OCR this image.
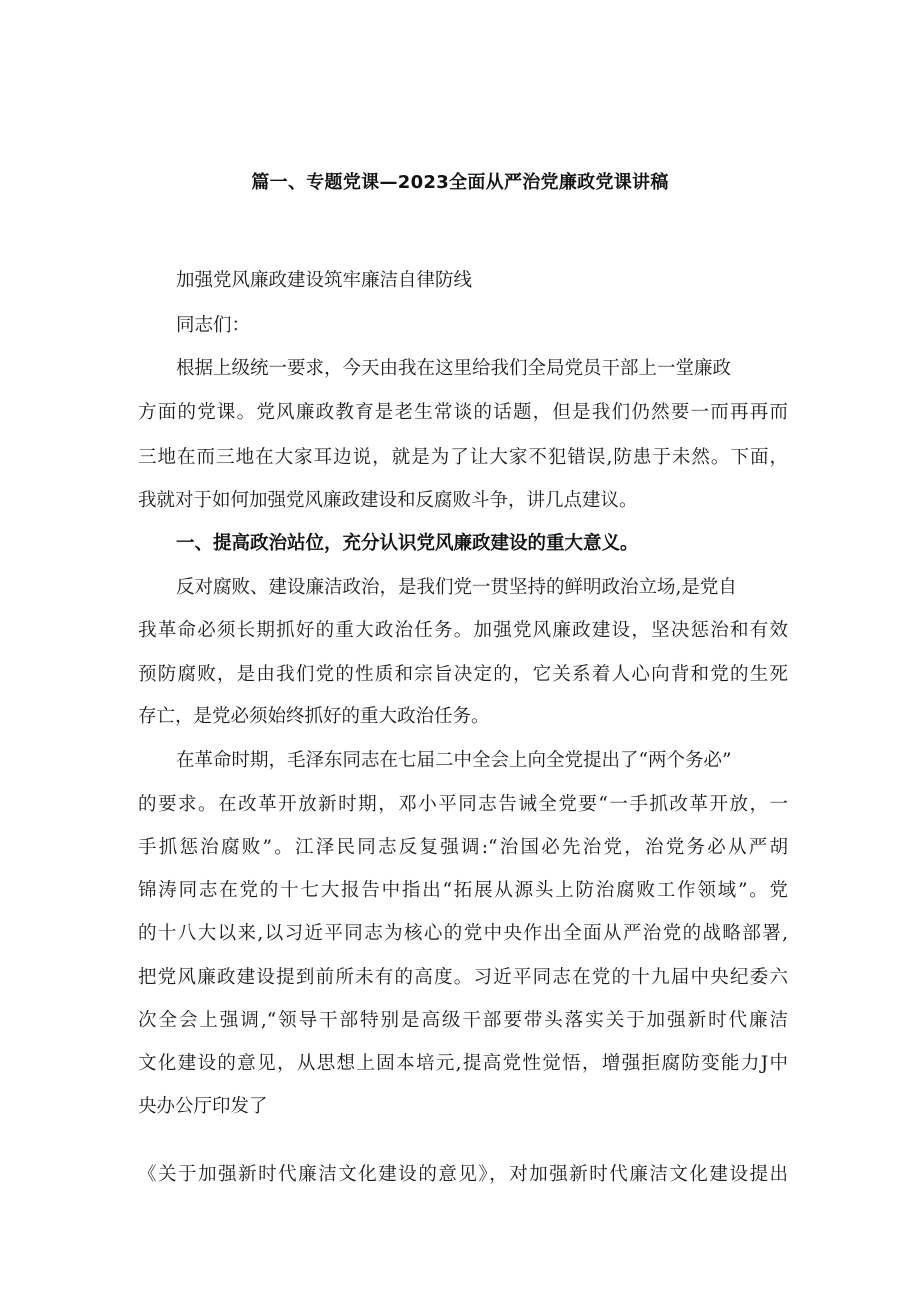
篇一、专题党课—2023全面从严治党廉政党课讲稿
加强党风廉政建设筑牢廉洁自律防线
同志们：
根据上级统一要求，今天由我在这里给我们全局党员干部上一堂廉政
方面的党课。党风廉政教育是老生常谈的话题，但是我们仍然要一而再再而
三地在而三地在大家耳边说，就是为了让大家不犯错误,防患于未然。下面，
我就对于如何加强党风廉政建设和反腐败斗争，讲几点建议。
一、提高政治站位，充分认识党风廉政建设的重大意义。
反对腐败、建设廉洁政治，是我们党一贯坚持的鲜明政治立场,是党自
我革命必须长期抓好的重大政治任务。加强党风廉政建设，坚决惩治和有效
预防腐败，是由我们党的性质和宗旨决定的，它关系着人心向背和党的生死
存亡，是党必须始终抓好的重大政治任务。
在革命时期，毛泽东同志在七届二中全会上向全党提出了“两个务必”
的要求。在改革开放新时期，邓小平同志告诫全党要“一手抓改革开放，一
手抓惩治腐败”。江泽民同志反复强调:“治国必先治党，治党务必从严胡
锦涛同志在党的十七大报告中指出“拓展从源头上防治腐败工作领域”。党
的十八大以来,以习近平同志为核心的党中央作出全面从严治党的战略部署,
把党风廉政建设提到前所未有的高度。习近平同志在党的十九届中央纪委六
次全会上强调,“领导干部特别是高级干部要带头落实关于加强新时代廉洁
文化建设的意见，从思想上固本培元,提高党性觉悟，增强拒腐防变能力J中
央办公厅印发了
《关于加强新时代廉洁文化建设的意见》，对加强新时代廉洁文化建设提出
